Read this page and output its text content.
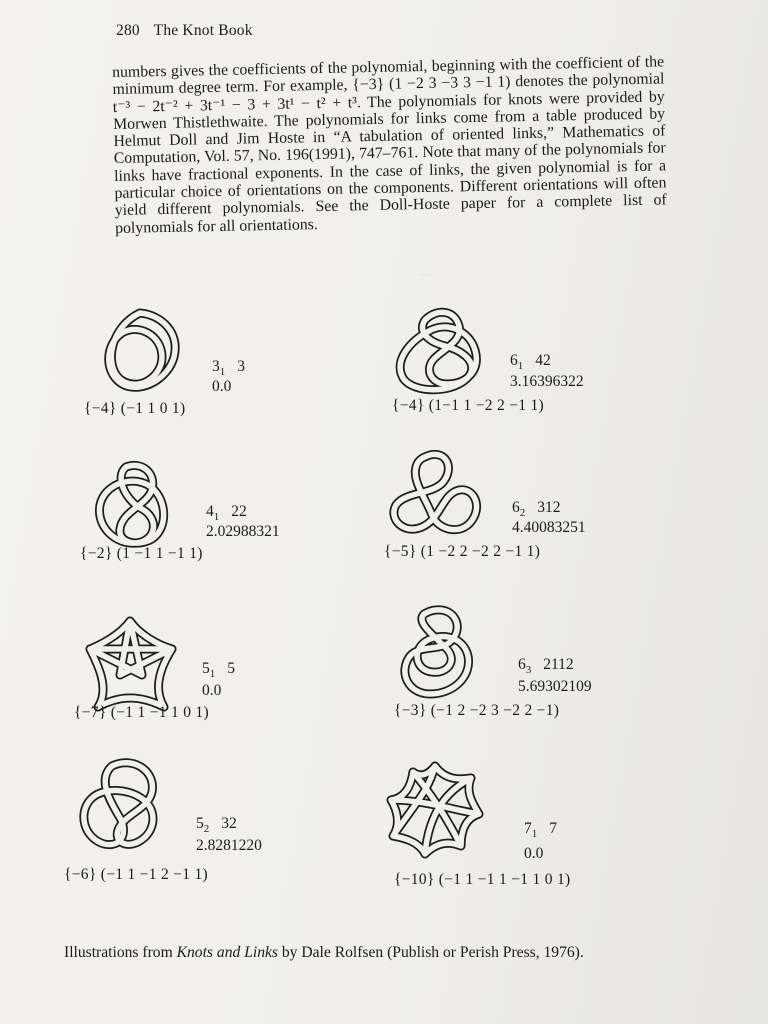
~
280 The Knot Book

numbers gives the coefficients of the polynomial, beginning with the coefficient of the minimum degree term. For example, {−3} (1 −2 3 −3 3 −1 1) denotes the polynomial t⁻³ − 2t⁻² + 3t⁻¹ − 3 + 3t¹ − t² + t³. The polynomials for knots were provided by Morwen Thistlethwaite. The polynomials for links come from a table produced by Helmut Doll and Jim Hoste in “A tabulation of oriented links,” Mathematics of Computation, Vol. 57, No. 196(1991), 747–761. Note that many of the polynomials for links have fractional exponents. In the case of links, the given polynomial is for a particular choice of orientations on the components. Different orientations will often yield different polynomials. See the Doll-Hoste paper for a complete list of polynomials for all orientations.

$3_1$ 3
0.0
{−4} (−1 1 0 1)
$6_1$ 42
3.16396322
{−4} (1−1 1 −2 2 −1 1)
$4_1$ 22
2.02988321
{−2} (1 −1 1 −1 1)
$6_2$ 312
4.40083251
{−5} (1 −2 2 −2 2 −1 1)
$5_1$ 5
0.0
{−7} (−1 1 −1 1 0 1)
$6_3$ 2112
5.69302109
{−3} (−1 2 −2 3 −2 2 −1)
$5_2$ 32
2.8281220
{−6} (−1 1 −1 2 −1 1)
$7_1$ 7
0.0
{−10} (−1 1 −1 1 −1 1 0 1)
Illustrations from Knots and Links by Dale Rolfsen (Publish or Perish Press, 1976).
